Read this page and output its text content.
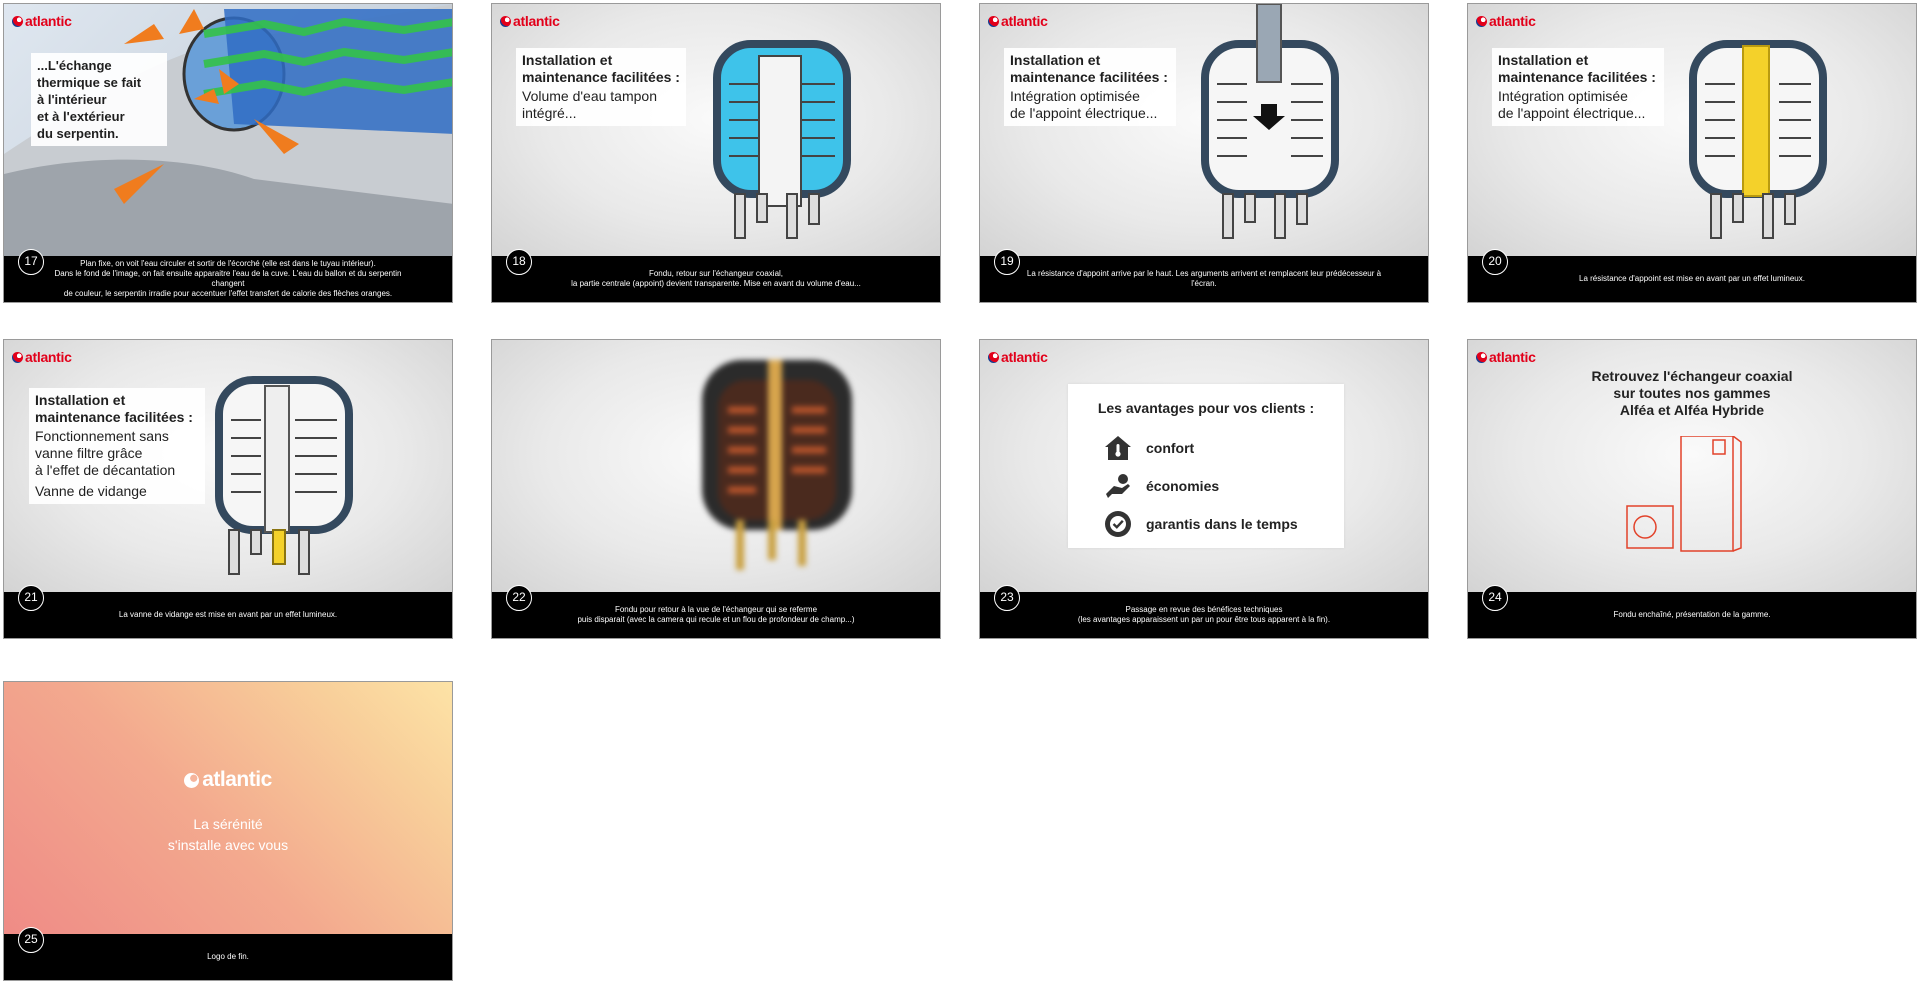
atlantic
...L'échange
thermique se fait
à l'intérieur
et à l'extérieur
du serpentin.
17	Plan fixe, on voit l'eau circuler et sortir de l'écorché (elle est dans le tuyau intérieur).
Dans le fond de l'image, on fait ensuite apparaitre l'eau de la cuve. L'eau du ballon et du serpentin changent
de couleur, le serpentin irradie pour accentuer l'effet transfert de calorie des flèches oranges.
atlantic
Installation et
maintenance facilitées :
Volume d'eau tampon
intégré...
18
Fondu, retour sur l'échangeur coaxial,
la partie centrale (appoint) devient transparente. Mise en avant du volume d'eau...
atlantic
Installation et
maintenance facilitées :
Intégration optimisée
de l'appoint électrique...
19
La résistance d'appoint arrive par le haut. Les arguments arrivent et remplacent leur prédécesseur à l'écran.
atlantic
Installation et
maintenance facilitées :
Intégration optimisée
de l'appoint électrique...
20
La résistance d'appoint est mise en avant par un effet lumineux.
atlantic
Installation et
maintenance facilitées :
Fonctionnement sans
vanne filtre grâce
à l'effet de décantation
Vanne de vidange
21
La vanne de vidange est mise en avant par un effet lumineux.
22
Fondu pour retour à la vue de l'échangeur qui se referme
puis disparait (avec la camera qui recule et un flou de profondeur de champ...)
Les avantages pour vos clients :
confort
économies
garantis dans le temps
atlantic
23
Passage en revue des bénéfices techniques
(les avantages apparaissent un par un pour être tous apparent à la fin).
Retrouvez l'échangeur coaxial
sur toutes nos gammes
Alféa et Alféa Hybride
atlantic
24
Fondu enchaîné, présentation de la gamme.
atlantic
La sérénité
s'installe avec vous
25
Logo de fin.
